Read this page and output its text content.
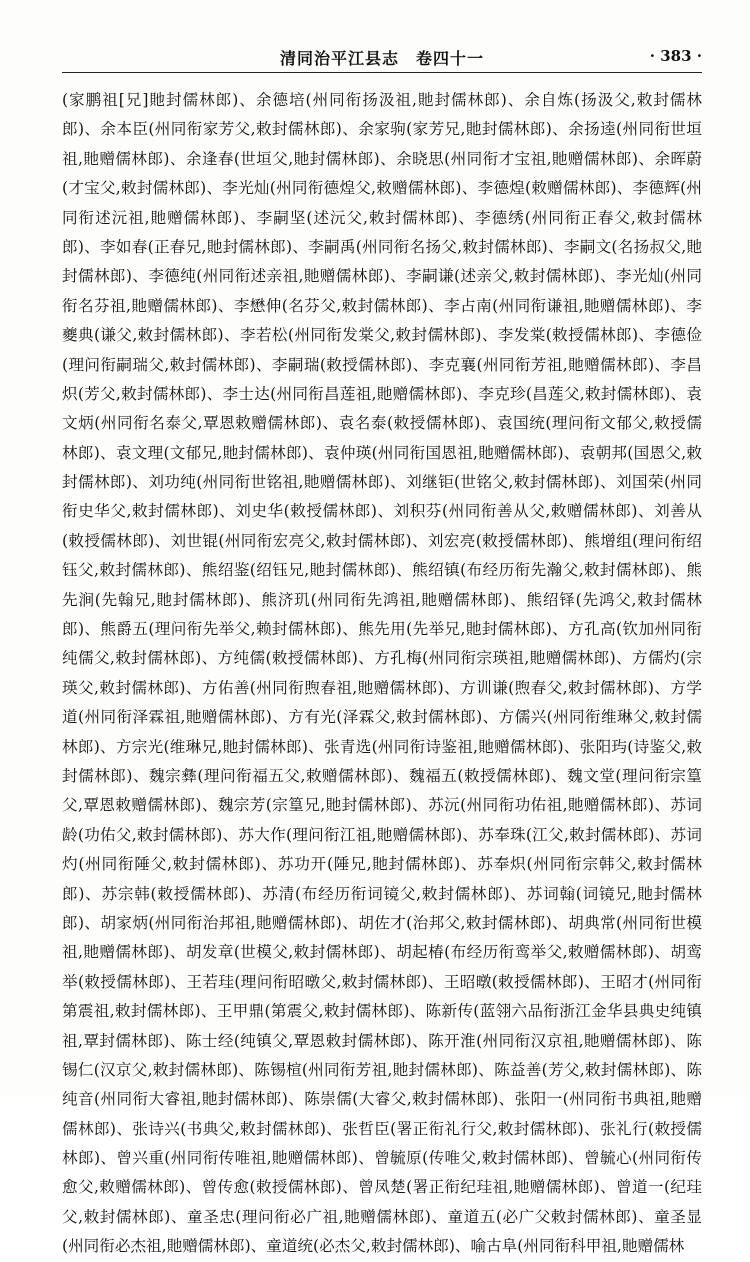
清同治平江县志　卷四十一	· 383 ·
(家鹏祖[兄]貤封儒林郎)、余德培(州同衔扬汲祖,貤封儒林郎)、余自炼(扬汲父,敕封儒林
郎)、余本臣(州同衔家芳父,敕封儒林郎)、余家驹(家芳兄,貤封儒林郎)、余扬逵(州同衔世垣
祖,貤赠儒林郎)、余逢春(世垣父,貤封儒林郎)、余晓思(州同衔才宝祖,貤赠儒林郎)、余晖蔚
(才宝父,敕封儒林郎)、李光灿(州同衔德煌父,敕赠儒林郎)、李德煌(敕赠儒林郎)、李德辉(州
同衔述沅祖,貤赠儒林郎)、李嗣坚(述沅父,敕封儒林郎)、李德绣(州同衔正春父,敕封儒林
郎)、李如春(正春兄,貤封儒林郎)、李嗣禹(州同衔名扬父,敕封儒林郎)、李嗣文(名扬叔父,貤
封儒林郎)、李德纯(州同衔述亲祖,貤赠儒林郎)、李嗣谦(述亲父,敕封儒林郎)、李光灿(州同
衔名芬祖,貤赠儒林郎)、李懋伸(名芬父,敕封儒林郎)、李占南(州同衔谦祖,貤赠儒林郎)、李
夔典(谦父,敕封儒林郎)、李若松(州同衔发棠父,敕封儒林郎)、李发棠(敕授儒林郎)、李德俭
(理问衔嗣瑞父,敕封儒林郎)、李嗣瑞(敕授儒林郎)、李克襄(州同衔芳祖,貤赠儒林郎)、李昌
炽(芳父,敕封儒林郎)、李士达(州同衔昌莲祖,貤赠儒林郎)、李克珍(昌莲父,敕封儒林郎)、袁
文炳(州同衔名泰父,覃恩敕赠儒林郎)、袁名泰(敕授儒林郎)、袁国统(理问衔文郁父,敕授儒
林郎)、袁文理(文郁兄,貤封儒林郎)、袁仲瑛(州同衔国恩祖,貤赠儒林郎)、袁朝邦(国恩父,敕
封儒林郎)、刘功纯(州同衔世铭祖,貤赠儒林郎)、刘继钜(世铭父,敕封儒林郎)、刘国荣(州同
衔史华父,敕封儒林郎)、刘史华(敕授儒林郎)、刘积芬(州同衔善从父,敕赠儒林郎)、刘善从
(敕授儒林郎)、刘世锟(州同衔宏亮父,敕封儒林郎)、刘宏亮(敕授儒林郎)、熊增组(理问衔绍
钰父,敕封儒林郎)、熊绍鉴(绍钰兄,貤封儒林郎)、熊绍镇(布经历衔先瀚父,敕封儒林郎)、熊
先涧(先翰兄,貤封儒林郎)、熊济玑(州同衔先鸿祖,貤赠儒林郎)、熊绍铎(先鸿父,敕封儒林
郎)、熊爵五(理问衔先举父,赖封儒林郎)、熊先用(先举兄,貤封儒林郎)、方孔高(钦加州同衔
纯儒父,敕封儒林郎)、方纯儒(敕授儒林郎)、方孔梅(州同衔宗瑛祖,貤赠儒林郎)、方儒灼(宗
瑛父,敕封儒林郎)、方佑善(州同衔煦春祖,貤赠儒林郎)、方训谦(煦春父,敕封儒林郎)、方学
道(州同衔泽霖祖,貤赠儒林郎)、方有光(泽霖父,敕封儒林郎)、方儒兴(州同衔维琳父,敕封儒
林郎)、方宗光(维琳兄,貤封儒林郎)、张青选(州同衔诗鉴祖,貤赠儒林郎)、张阳玙(诗鉴父,敕
封儒林郎)、魏宗彝(理问衔福五父,敕赠儒林郎)、魏福五(敕授儒林郎)、魏文堂(理问衔宗篁
父,覃恩敕赠儒林郎)、魏宗芳(宗篁兄,貤封儒林郎)、苏沅(州同衔功佑祖,貤赠儒林郎)、苏词
龄(功佑父,敕封儒林郎)、苏大作(理问衔江祖,貤赠儒林郎)、苏奉珠(江父,敕封儒林郎)、苏词
灼(州同衔陲父,敕封儒林郎)、苏功开(陲兄,貤封儒林郎)、苏奉炽(州同衔宗韩父,敕封儒林
郎)、苏宗韩(敕授儒林郎)、苏清(布经历衔词镜父,敕封儒林郎)、苏词翰(词镜兄,貤封儒林
郎)、胡家炳(州同衔治邦祖,貤赠儒林郎)、胡佐才(治邦父,敕封儒林郎)、胡典常(州同衔世模
祖,貤赠儒林郎)、胡发章(世模父,敕封儒林郎)、胡起椿(布经历衔鸾举父,敕赠儒林郎)、胡鸾
举(敕授儒林郎)、王若珪(理问衔昭暾父,敕封儒林郎)、王昭暾(敕授儒林郎)、王昭才(州同衔
第震祖,敕封儒林郎)、王甲鼎(第震父,敕封儒林郎)、陈新传(蓝翎六品衔浙江金华县典史纯镇
祖,覃封儒林郎)、陈士经(纯镇父,覃恩敕封儒林郎)、陈开淮(州同衔汉京祖,貤赠儒林郎)、陈
锡仁(汉京父,敕封儒林郎)、陈锡楦(州同衔芳祖,貤封儒林郎)、陈益善(芳父,敕封儒林郎)、陈
纯音(州同衔大睿祖,貤封儒林郎)、陈崇儒(大睿父,敕封儒林郎)、张阳一(州同衔书典祖,貤赠
儒林郎)、张诗兴(书典父,敕封儒林郎)、张哲臣(署正衔礼行父,敕封儒林郎)、张礼行(敕授儒
林郎)、曾兴重(州同衔传唯祖,貤赠儒林郎)、曾毓原(传唯父,敕封儒林郎)、曾毓心(州同衔传
愈父,敕赠儒林郎)、曾传愈(敕授儒林郎)、曾凤楚(署正衔纪珪祖,貤赠儒林郎)、曾道一(纪珪
父,敕封儒林郎)、童圣忠(理问衔必广祖,貤赠儒林郎)、童道五(必广父敕封儒林郎)、童圣显
(州同衔必杰祖,貤赠儒林郎)、童道统(必杰父,敕封儒林郎)、喻古阜(州同衔科甲祖,貤赠儒林
